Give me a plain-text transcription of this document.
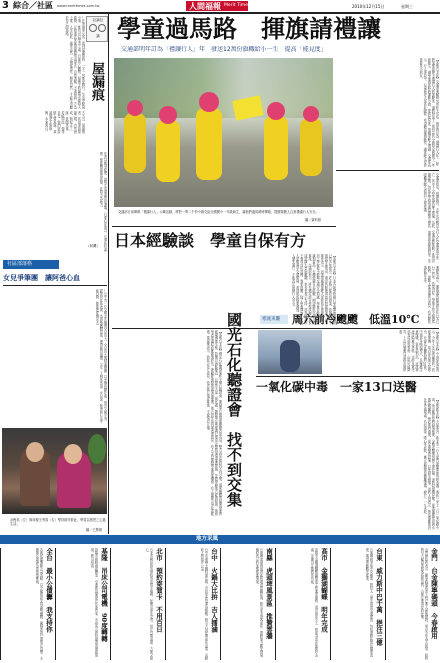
3 綜合／社區 www.merittimes.com.tw	人間福報 Merit Times	2010年12月15日	星期三
社論社
論
…在家靜坐反省，看到屋漏痕時，一字一句都是修行。生活中點滴小事，都有可以學習之處，只要用心觀察，屋簷下的漏痕也能給人啟發，正如書法家從屋漏痕悟出筆法，自然流暢，不著痕跡，方為上乘。人生如此，處世亦然，不矯揉造作，順其自然，才能走出屬於自己的道路。
屋漏痕
古人云：屋漏痕者，其用筆如屋漏之痕，自然而成，無起止之跡。世間萬事，若能如此，便得自在。我們常說做人要真誠，真誠就是不假修飾，本來面目。
作者以親身經歷，說明生活處處皆是道場，只要心存善念，凡事往好處想，便能轉煩惱為菩提，化阻力為助力。
（何薰）
社區部落格
女兒爭筆團　讓阿爸心血
…台中市一位父親辛苦撫養女兒長大，女兒長大後組成樂團，以音樂回饋社會，感念父親辛勞，經常到社區表演，為弱勢團體募款，獲得熱烈迴響。父女二人相依為命，女兒說，阿爸的心血不能白費，她要把愛傳出去。
余俊英（左）與母親王秀春（右）堅持陪伴彼此，學習以感恩之心過生活。
圖／王慧瑛
學童過馬路　揮旗請禮讓
交通部明年訂為「禮讓行人」年　發送12萬份旗幟給小一生　提高「能見度」
交通部日前舉辦「禮讓行人」示範活動，將把一萬二千份小旗交給全國國小一年級新生，讓他們過馬路時揮旗，提醒駕駛人注意禮讓行人安全。
圖／資料照
【本報台北訊】交通部運輸研究所昨天宣布，明年將訂為「禮讓行人年」，除將加強取締不禮讓行人的駕駛外，還將發送十二萬份黃色小旗給全國國小一年級新生，讓學童過馬路時揮動小旗，提高能見度，提醒駕駛人禮讓。交通部表示，行人事故中，兒童與老人是高危險群，希望藉由揮旗動作，讓駕駛人更容易看見小朋友。
交通部指出，根據統計，去年共有數百名行人在交通事故中死亡，其中不少是在斑馬線上被撞。為此，交通部將推動一系列宣導措施，包括在學校周邊設置警示標誌、加強斑馬線照明等，並呼籲駕駛人看到行人要停讓。
日本經驗談　學童自保有方
【本報台北訊】日本各地學校推行學童揮旗過馬路已有多年歷史，許多路口都設有旗架，放置黃色小旗供學童取用，過完馬路後再放回對面旗架。日本專家表示，這項措施讓駕駛人更容易注意到孩童，加上學校從小教導交通安全知識，學童自我保護意識相當高。台灣借鏡日本經驗，期望降低兒童交通事故。交通部表示，將先選定部分學校試辦，再視成效擴大實施範圍。家長也表示支持，認為能讓孩子養成良好習慣。專家提醒，除了學童揮旗，駕駛人更應遵守交通規則，看到斑馬線要減速，禮讓行人優先通行，才能真正保障行人安全。	運研所表示，揮旗過馬路的做法在日本已行之有年，效果良好。學童手持小旗過馬路時，駕駛人從遠處即可看見，有效降低事故發生率。
【本報台北訊】國光石化開發案昨天舉行聽證會，開發單位與環保團體各說各話，雙方意見始終找不到交集。環保團體質疑開發案將破壞濕地生態、影響白海豚棲息，且排放大量二氧化碳；開發單位則強調已提出完整的環境保護措施，並將帶動地方經濟發展。與會學者建議政府應審慎評估，兼顧經濟發展與環境保護。地方居民也到場表達意見，有人支持開發帶來就業機會，有人擔憂污染危害健康。環保署表示，將綜合各方意見，依法進行環評審查，不會預設立場。	國光石化聽證會　找不到交集	寒流來襲 周六前冷颼颼　低溫10℃
【本報台北訊】中央氣象局表示，今年入冬以來最強的一波寒流來襲，周六前各地天氣寒冷，北部及宜蘭低溫約10度，中南部早晚溫差大，民眾應注意保暖。氣象局指出，這波寒流伴隨東北季風，北部及東北部有局部短暫雨，山區可能降雪，上山民眾應注意路況與防寒。
一氧化碳中毒　一家13口送醫
【本報新北訊】天氣寒冷，新北市一戶人家門窗緊閉使用熱水器，導致一家十三口一氧化碳中毒，所幸鄰居及時發現報案，全數送醫後均無生命危險。消防局提醒民眾，寒流期間使用熱水器及暖爐時，務必保持通風，並定期檢查設備，以免發生憾事。消防人員表示，熱水器應裝設在室外通風處，若有頭暈、噁心等症狀，應立即開窗並撤離現場，撥打一一九求救。
地方采風
金門　台金陳寧碼頭　今春啟用
金門縣政府表示，陳寧碼頭改善工程已進入最後階段，預計今年春天啟用，屆時將可大幅改善旅客搭船品質，方便往來兩岸的民眾。
台東　威力斯中巴千萬　挹注三億
台東縣府爭取中央補助，將投入三億元改善交通建設，包括道路拓寬及橋梁改建，期望帶動觀光產業。
高市　金獅湖蝴蝶　明年完成
高雄市金獅湖蝴蝶園整建工程進度順利，預計明年完工，將成為市民休閒好去處，並兼具生態教育功能。
南縣　虎頭埤風景區　推贊雲牆
台南縣虎頭埤風景區將增設景觀設施，吸引更多遊客前往，帶動地方觀光發展，縣府表示將加強維護環境。
台中　火鍋大比拚　吉人擂滷
台中市舉辦火鍋料理比賽，各店家使出渾身解數，吸引大批民眾前往品嘗，活動收入將捐作公益。
北市　預約寄賀卡　不用百日
台北市郵局推出預約寄送賀卡服務，民眾可事先交寄，指定日期送達，方便又貼心。
基隆　吊床公司電機　90度轉轉
基隆市推動港區轉型，引進新設備提升作業效率，市府表示將持續改善港區環境，吸引投資。
全台　最小公債籌　我支持你
各地民眾響應公益活動，以小額捐款支持弱勢團體，累積善款已達預定目標，主辦單位感謝各界熱情參與。
